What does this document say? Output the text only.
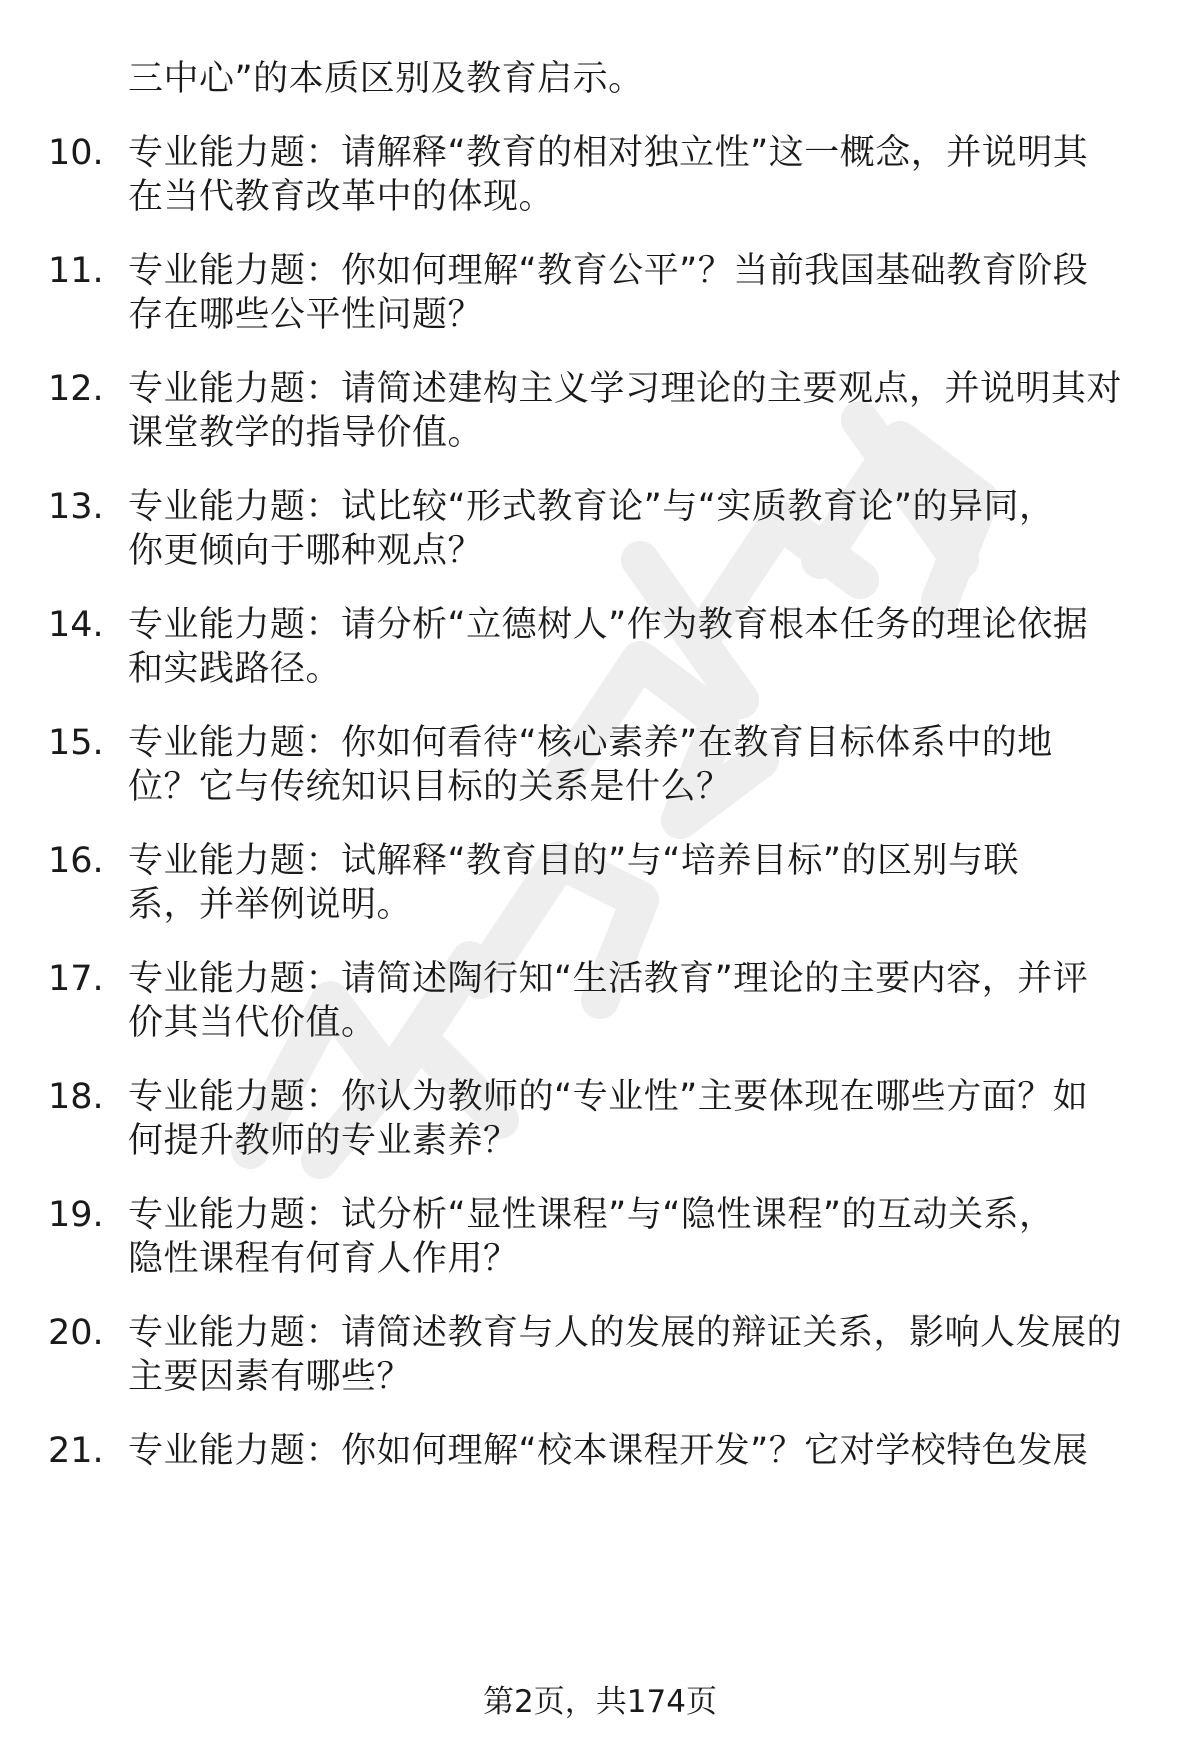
三中心”的本质区别及教育启示。
10. 专业能力题：请解释“教育的相对独立性”这一概念，并说明其
在当代教育改革中的体现。
11. 专业能力题：你如何理解“教育公平”？当前我国基础教育阶段
存在哪些公平性问题？
12. 专业能力题：请简述建构主义学习理论的主要观点，并说明其对
课堂教学的指导价值。
13. 专业能力题：试比较“形式教育论”与“实质教育论”的异同，
你更倾向于哪种观点？
14. 专业能力题：请分析“立德树人”作为教育根本任务的理论依据
和实践路径。
15. 专业能力题：你如何看待“核心素养”在教育目标体系中的地
位？它与传统知识目标的关系是什么？
16. 专业能力题：试解释“教育目的”与“培养目标”的区别与联
系，并举例说明。
17. 专业能力题：请简述陶行知“生活教育”理论的主要内容，并评
价其当代价值。
18. 专业能力题：你认为教师的“专业性”主要体现在哪些方面？如
何提升教师的专业素养？
19. 专业能力题：试分析“显性课程”与“隐性课程”的互动关系，
隐性课程有何育人作用？
20. 专业能力题：请简述教育与人的发展的辩证关系，影响人发展的
主要因素有哪些？
21. 专业能力题：你如何理解“校本课程开发”？它对学校特色发展
第2页，共174页
